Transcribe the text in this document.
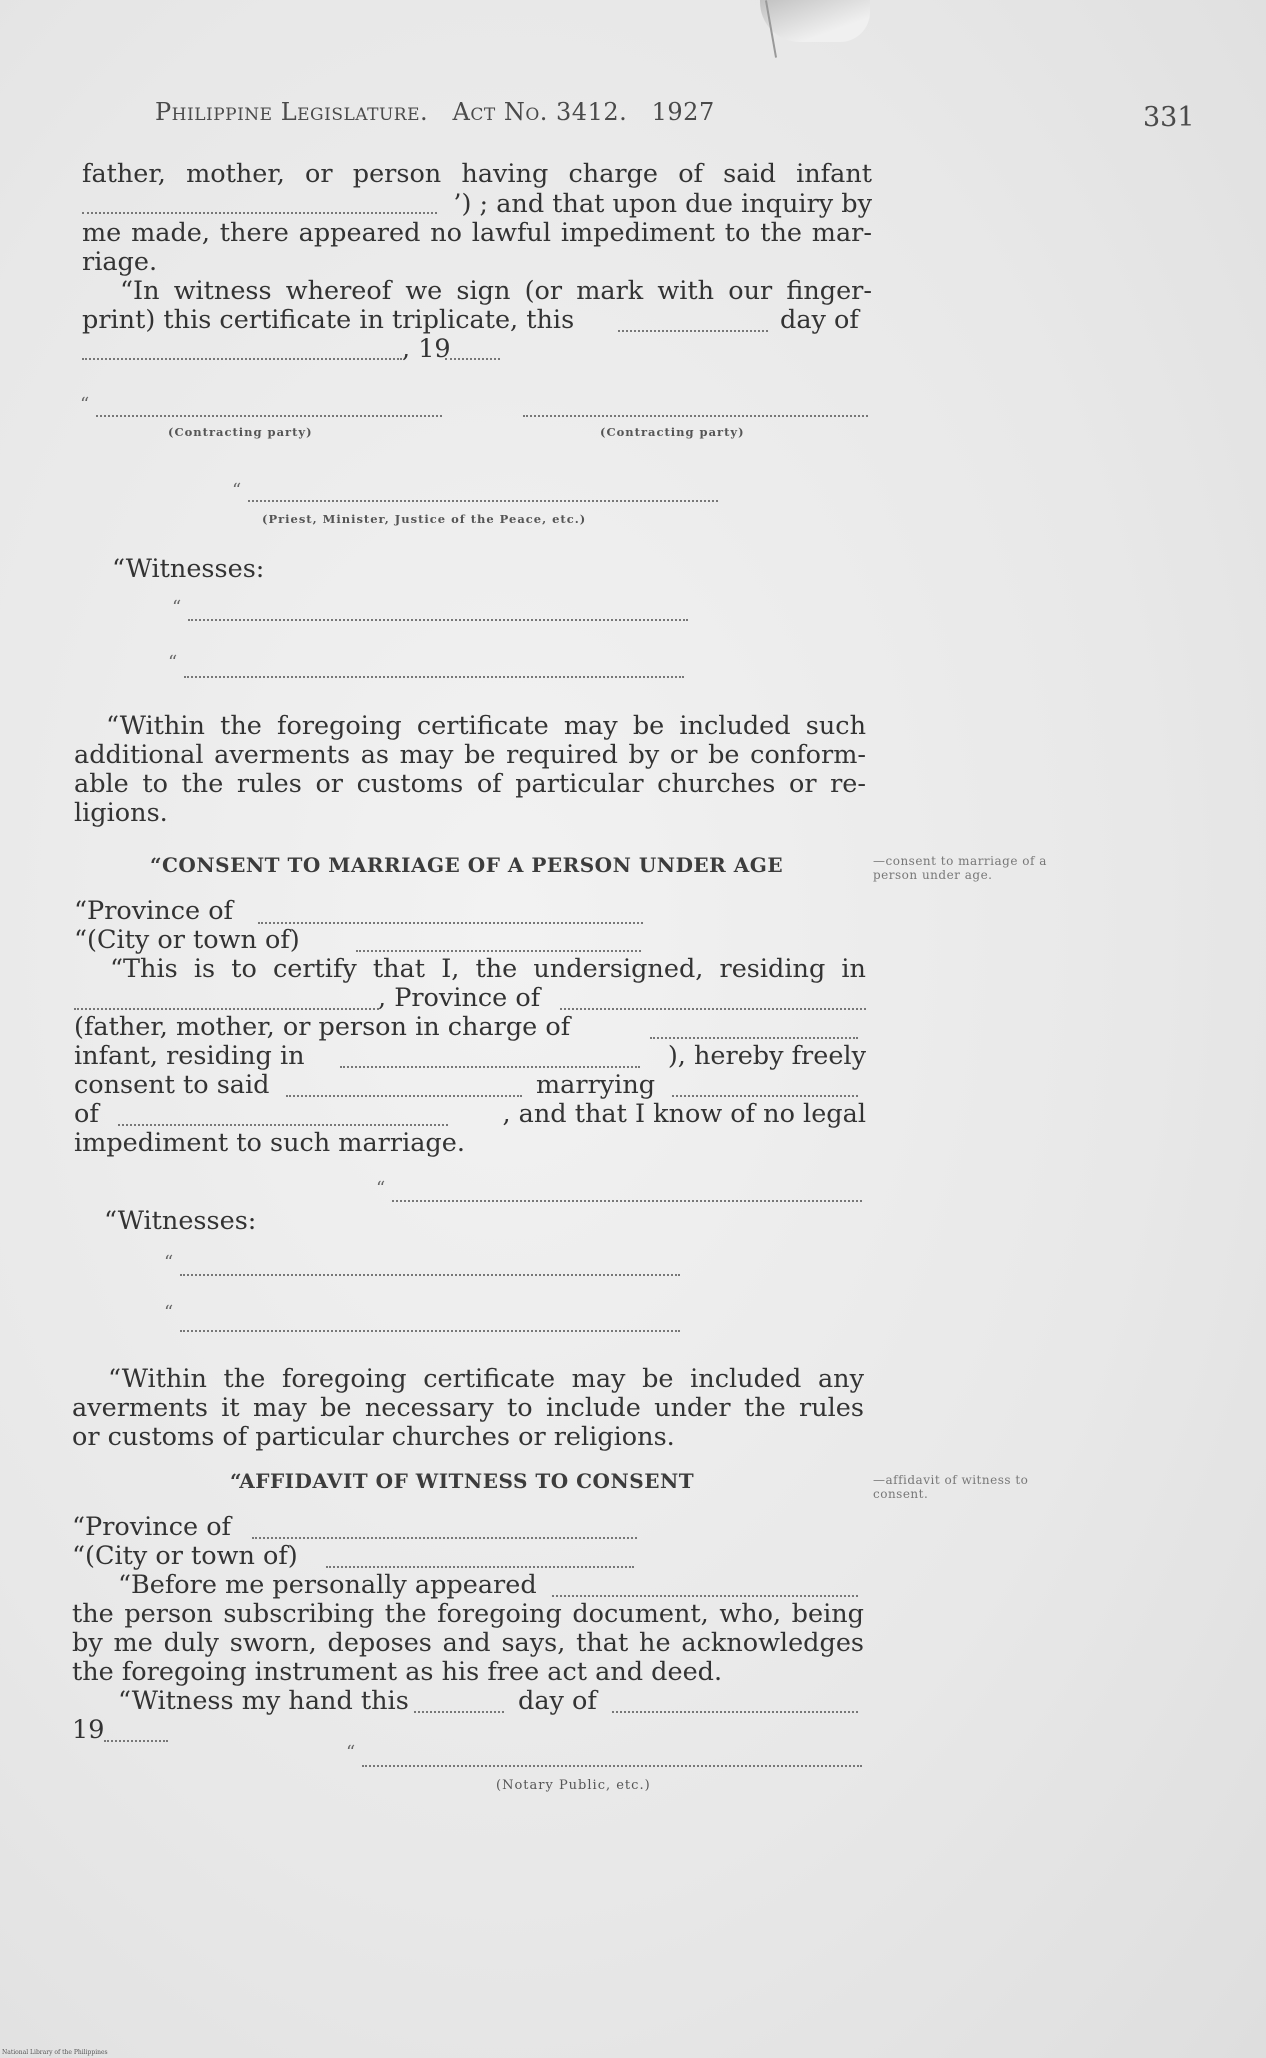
Philippine Legislature. Act No. 3412. 1927	331
father, mother, or person having charge of said infant
’) ; and that upon due inquiry by
me made, there appeared no lawful impediment to the mar-
riage.
“In witness whereof we sign (or mark with our finger-
print) this certificate in triplicate, this	day of
, 19
“
(Contracting party)	(Contracting party)
“
(Priest, Minister, Justice of the Peace, etc.)
“Witnesses:
“
“
“Within the foregoing certificate may be included such
additional averments as may be required by or be conform-
able to the rules or customs of particular churches or re-
ligions.
“CONSENT TO MARRIAGE OF A PERSON UNDER AGE	—consent to marriage of a person under age.
“Province of
“(City or town of)
“This is to certify that I, the undersigned, residing in
, Province of
(father, mother, or person in charge of
infant, residing in	), hereby freely
consent to said	marrying
of	, and that I know of no legal
impediment to such marriage.
“
“Witnesses:
“
“
“Within the foregoing certificate may be included any
averments it may be necessary to include under the rules
or customs of particular churches or religions.
“AFFIDAVIT OF WITNESS TO CONSENT	—affidavit of witness to consent.
“Province of
“(City or town of)
“Before me personally appeared
the person subscribing the foregoing document, who, being
by me duly sworn, deposes and says, that he acknowledges
the foregoing instrument as his free act and deed.
“Witness my hand this	day of
19
“
(Notary Public, etc.)
National Library of the Philippines
